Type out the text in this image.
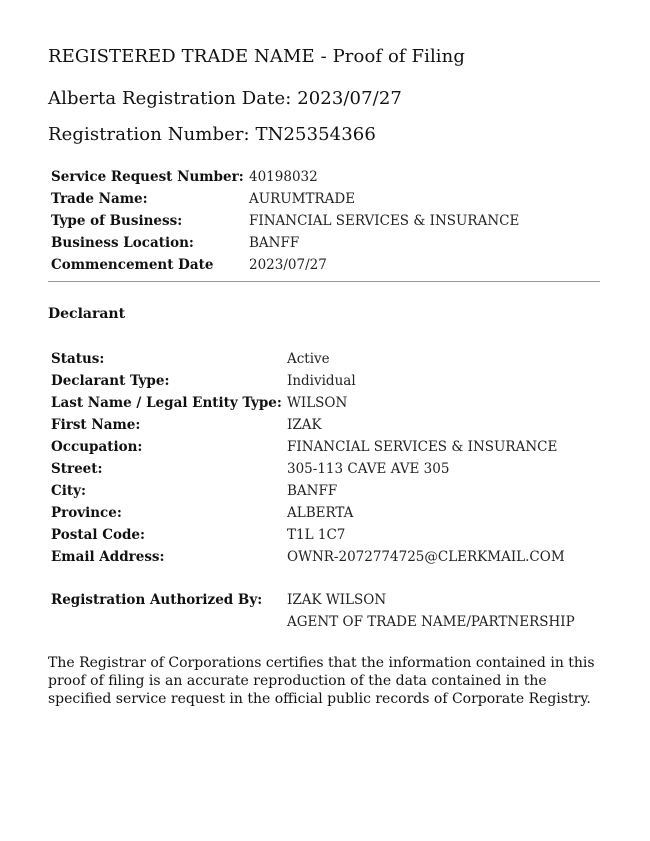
REGISTERED TRADE NAME - Proof of Filing
Alberta Registration Date: 2023/07/27
Registration Number: TN25354366
Service Request Number: 40198032
Trade Name:	AURUMTRADE
Type of Business:	FINANCIAL SERVICES & INSURANCE
Business Location:	BANFF
Commencement Date	2023/07/27
Declarant
Status:	Active
Declarant Type:	Individual
Last Name / Legal Entity Type: WILSON
First Name:	IZAK
Occupation:	FINANCIAL SERVICES & INSURANCE
Street:	305-113 CAVE AVE 305
City:	BANFF
Province:	ALBERTA
Postal Code:	T1L 1C7
Email Address:	OWNR-2072774725@CLERKMAIL.COM
Registration Authorized By: IZAK WILSON
AGENT OF TRADE NAME/PARTNERSHIP
The Registrar of Corporations certifies that the information contained in this proof of filing is an accurate reproduction of the data contained in the specified service request in the official public records of Corporate Registry.
